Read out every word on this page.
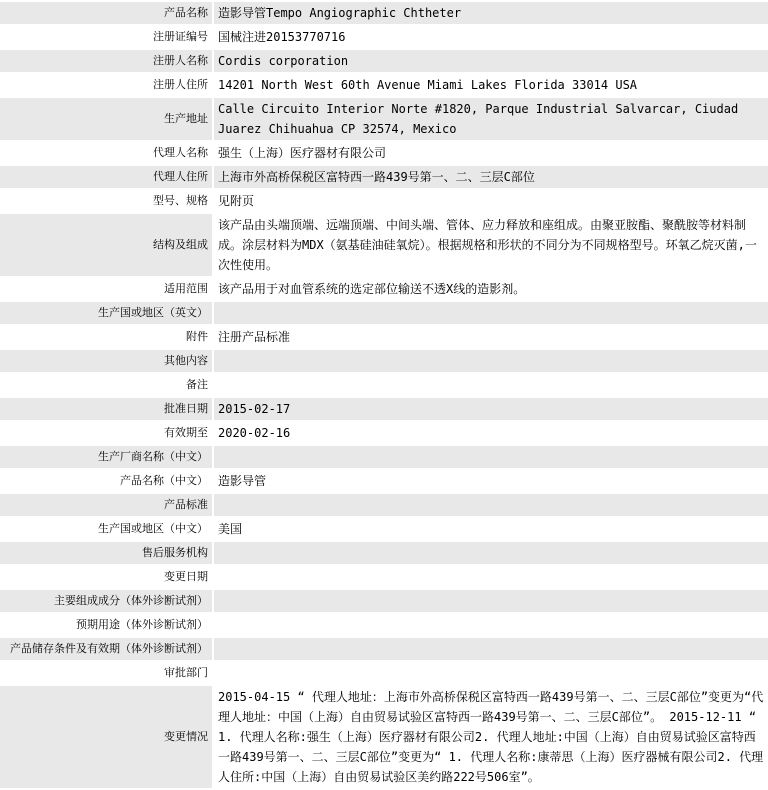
产品名称	造影导管Tempo Angiographic Chtheter
注册证编号	国械注进20153770716
注册人名称	Cordis corporation
注册人住所	14201 North West 60th Avenue Miami Lakes Florida 33014 USA
生产地址	Calle Circuito Interior Norte #1820, Parque Industrial Salvarcar, Ciudad Juarez Chihuahua CP 32574, Mexico
代理人名称	强生（上海）医疗器材有限公司
代理人住所	上海市外高桥保税区富特西一路439号第一、二、三层C部位
型号、规格	见附页
结构及组成	该产品由头端顶端、远端顶端、中间头端、管体、应力释放和座组成。由聚亚胺酯、聚酰胺等材料制成。涂层材料为MDX（氨基硅油硅氧烷）。根据规格和形状的不同分为不同规格型号。环氧乙烷灭菌,一次性使用。
适用范围	该产品用于对血管系统的选定部位输送不透X线的造影剂。
生产国或地区（英文）	
附件	注册产品标准
其他内容	
备注	
批准日期	2015-02-17
有效期至	2020-02-16
生产厂商名称（中文）	
产品名称（中文）	造影导管
产品标准	
生产国或地区（中文）	美国
售后服务机构	
变更日期	
主要组成成分（体外诊断试剂）	
预期用途（体外诊断试剂）	
产品储存条件及有效期（体外诊断试剂）	
审批部门	
变更情况	2015-04-15 “ 代理人地址：上海市外高桥保税区富特西一路439号第一、二、三层C部位”变更为“代理人地址：中国（上海）自由贸易试验区富特西一路439号第一、二、三层C部位”。 2015-12-11 “ 1. 代理人名称:强生（上海）医疗器材有限公司2. 代理人地址:中国（上海）自由贸易试验区富特西一路439号第一、二、三层C部位”变更为“ 1. 代理人名称:康蒂思（上海）医疗器械有限公司2. 代理人住所:中国（上海）自由贸易试验区美约路222号506室”。
